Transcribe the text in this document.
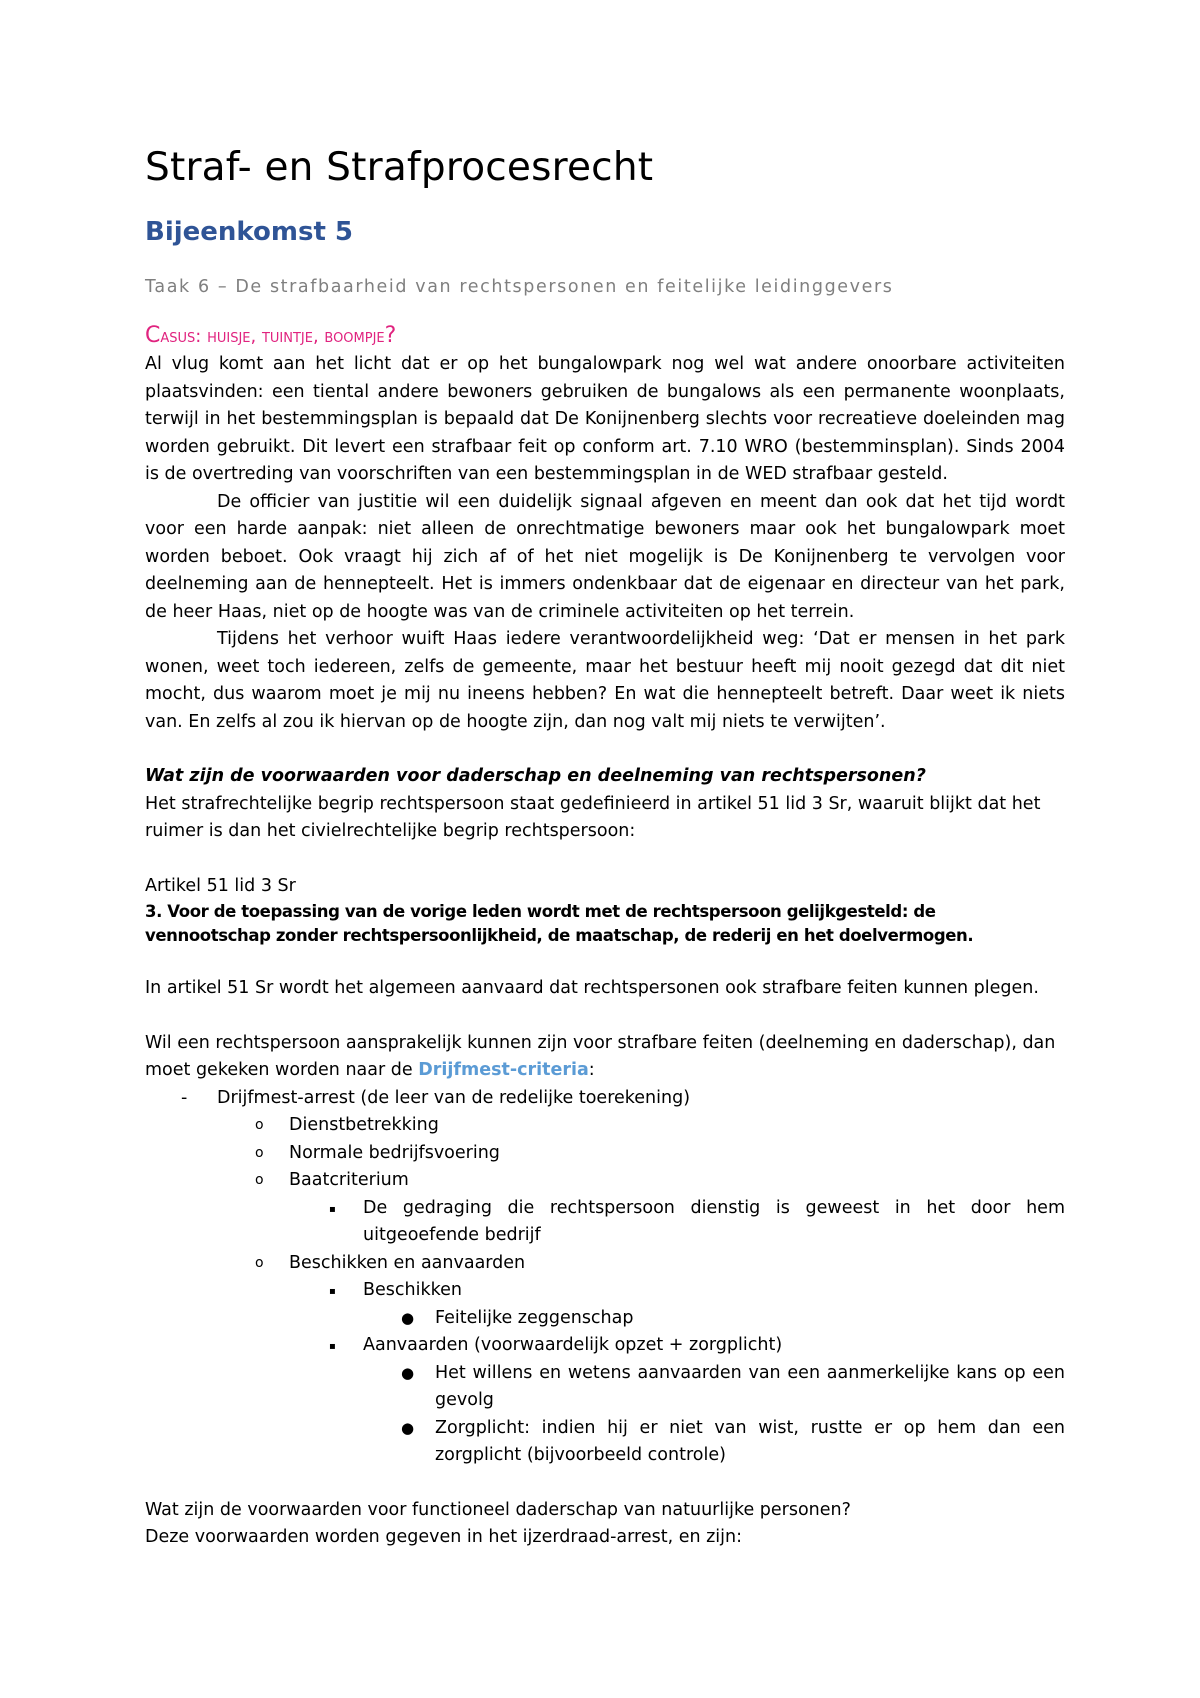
Straf- en Strafprocesrecht
Bijeenkomst 5
Taak 6 – De strafbaarheid van rechtspersonen en feitelijke leidinggevers
Casus: huisje, tuintje, boompje?

Al vlug komt aan het licht dat er op het bungalowpark nog wel wat andere onoorbare activiteiten plaatsvinden: een tiental andere bewoners gebruiken de bungalows als een permanente woonplaats, terwijl in het bestemmingsplan is bepaald dat De Konijnenberg slechts voor recreatieve doeleinden mag worden gebruikt. Dit levert een strafbaar feit op conform art. 7.10 WRO (bestemminsplan). Sinds 2004 is de overtreding van voorschriften van een bestemmingsplan in de WED strafbaar gesteld.

De officier van justitie wil een duidelijk signaal afgeven en meent dan ook dat het tijd wordt voor een harde aanpak: niet alleen de onrechtmatige bewoners maar ook het bungalowpark moet worden beboet. Ook vraagt hij zich af of het niet mogelijk is De Konijnenberg te vervolgen voor deelneming aan de hennepteelt. Het is immers ondenkbaar dat de eigenaar en directeur van het park, de heer Haas, niet op de hoogte was van de criminele activiteiten op het terrein.

Tijdens het verhoor wuift Haas iedere verantwoordelijkheid weg: ‘Dat er mensen in het park wonen, weet toch iedereen, zelfs de gemeente, maar het bestuur heeft mij nooit gezegd dat dit niet mocht, dus waarom moet je mij nu ineens hebben? En wat die hennepteelt betreft. Daar weet ik niets van. En zelfs al zou ik hiervan op de hoogte zijn, dan nog valt mij niets te verwijten’.

Wat zijn de voorwaarden voor daderschap en deelneming van rechtspersonen?

Het strafrechtelijke begrip rechtspersoon staat gedefinieerd in artikel 51 lid 3 Sr, waaruit blijkt dat het ruimer is dan het civielrechtelijke begrip rechtspersoon:

Artikel 51 lid 3 Sr

3. Voor de toepassing van de vorige leden wordt met de rechtspersoon gelijkgesteld: de vennootschap zonder rechtspersoonlijkheid, de maatschap, de rederij en het doelvermogen.

In artikel 51 Sr wordt het algemeen aanvaard dat rechtspersonen ook strafbare feiten kunnen plegen.

Wil een rechtspersoon aansprakelijk kunnen zijn voor strafbare feiten (deelneming en daderschap), dan moet gekeken worden naar de Drijfmest-criteria:

- Drijfmest-arrest (de leer van de redelijke toerekening)
o Dienstbetrekking
o Normale bedrijfsvoering
o Baatcriterium
▪ De gedraging die rechtspersoon dienstig is geweest in het door hem uitgeoefende bedrijf
o Beschikken en aanvaarden
▪ Beschikken
● Feitelijke zeggenschap
▪ Aanvaarden (voorwaardelijk opzet + zorgplicht)
● Het willens en wetens aanvaarden van een aanmerkelijke kans op een gevolg
● Zorgplicht: indien hij er niet van wist, rustte er op hem dan een zorgplicht (bijvoorbeeld controle)

Wat zijn de voorwaarden voor functioneel daderschap van natuurlijke personen?

Deze voorwaarden worden gegeven in het ijzerdraad-arrest, en zijn:
